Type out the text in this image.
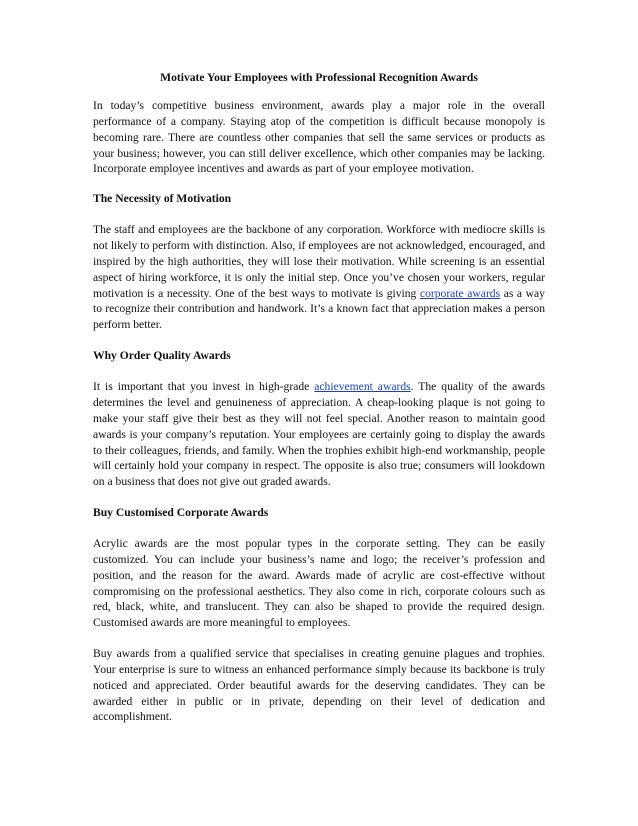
Motivate Your Employees with Professional Recognition Awards

In today’s competitive business environment, awards play a major role in the overall performance of a company. Staying atop of the competition is difficult because monopoly is becoming rare. There are countless other companies that sell the same services or products as your business; however, you can still deliver excellence, which other companies may be lacking. Incorporate employee incentives and awards as part of your employee motivation.

The Necessity of Motivation

The staff and employees are the backbone of any corporation. Workforce with mediocre skills is not likely to perform with distinction. Also, if employees are not acknowledged, encouraged, and inspired by the high authorities, they will lose their motivation. While screening is an essential aspect of hiring workforce, it is only the initial step. Once you’ve chosen your workers, regular motivation is a necessity. One of the best ways to motivate is giving corporate awards as a way to recognize their contribution and handwork. It’s a known fact that appreciation makes a person perform better.

Why Order Quality Awards

It is important that you invest in high-grade achievement awards. The quality of the awards determines the level and genuineness of appreciation. A cheap-looking plaque is not going to make your staff give their best as they will not feel special. Another reason to maintain good awards is your company’s reputation. Your employees are certainly going to display the awards to their colleagues, friends, and family. When the trophies exhibit high-end workmanship, people will certainly hold your company in respect. The opposite is also true; consumers will lookdown on a business that does not give out graded awards.

Buy Customised Corporate Awards

Acrylic awards are the most popular types in the corporate setting. They can be easily customized. You can include your business’s name and logo; the receiver’s profession and position, and the reason for the award. Awards made of acrylic are cost-effective without compromising on the professional aesthetics. They also come in rich, corporate colours such as red, black, white, and translucent. They can also be shaped to provide the required design. Customised awards are more meaningful to employees.

Buy awards from a qualified service that specialises in creating genuine plagues and trophies. Your enterprise is sure to witness an enhanced performance simply because its backbone is truly noticed and appreciated. Order beautiful awards for the deserving candidates. They can be awarded either in public or in private, depending on their level of dedication and accomplishment.
